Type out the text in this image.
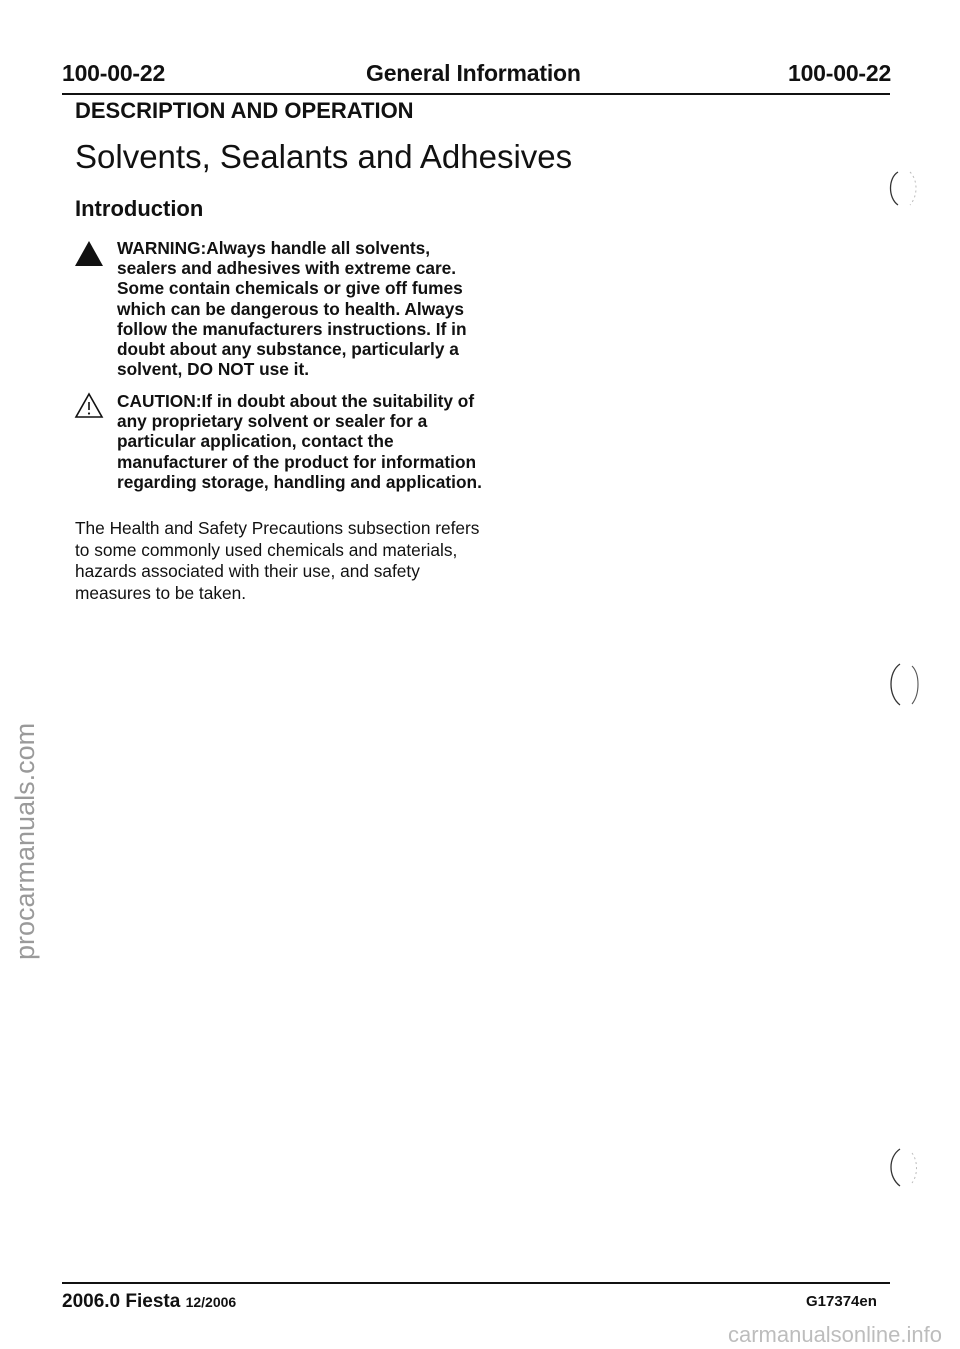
100-00-22	General Information	100-00-22
DESCRIPTION AND OPERATION
Solvents, Sealants and Adhesives
Introduction
WARNING:Always handle all solvents, sealers and adhesives with extreme care. Some contain chemicals or give off fumes which can be dangerous to health. Always follow the manufacturers instructions. If in doubt about any substance, particularly a solvent, DO NOT use it.
CAUTION:If in doubt about the suitability of any proprietary solvent or sealer for a particular application, contact the manufacturer of the product for information regarding storage, handling and application.
The Health and Safety Precautions subsection refers to some commonly used chemicals and materials, hazards associated with their use, and safety measures to be taken.
procarmanuals.com
2006.0 Fiesta 12/2006	G17374en
carmanualsonline.info
